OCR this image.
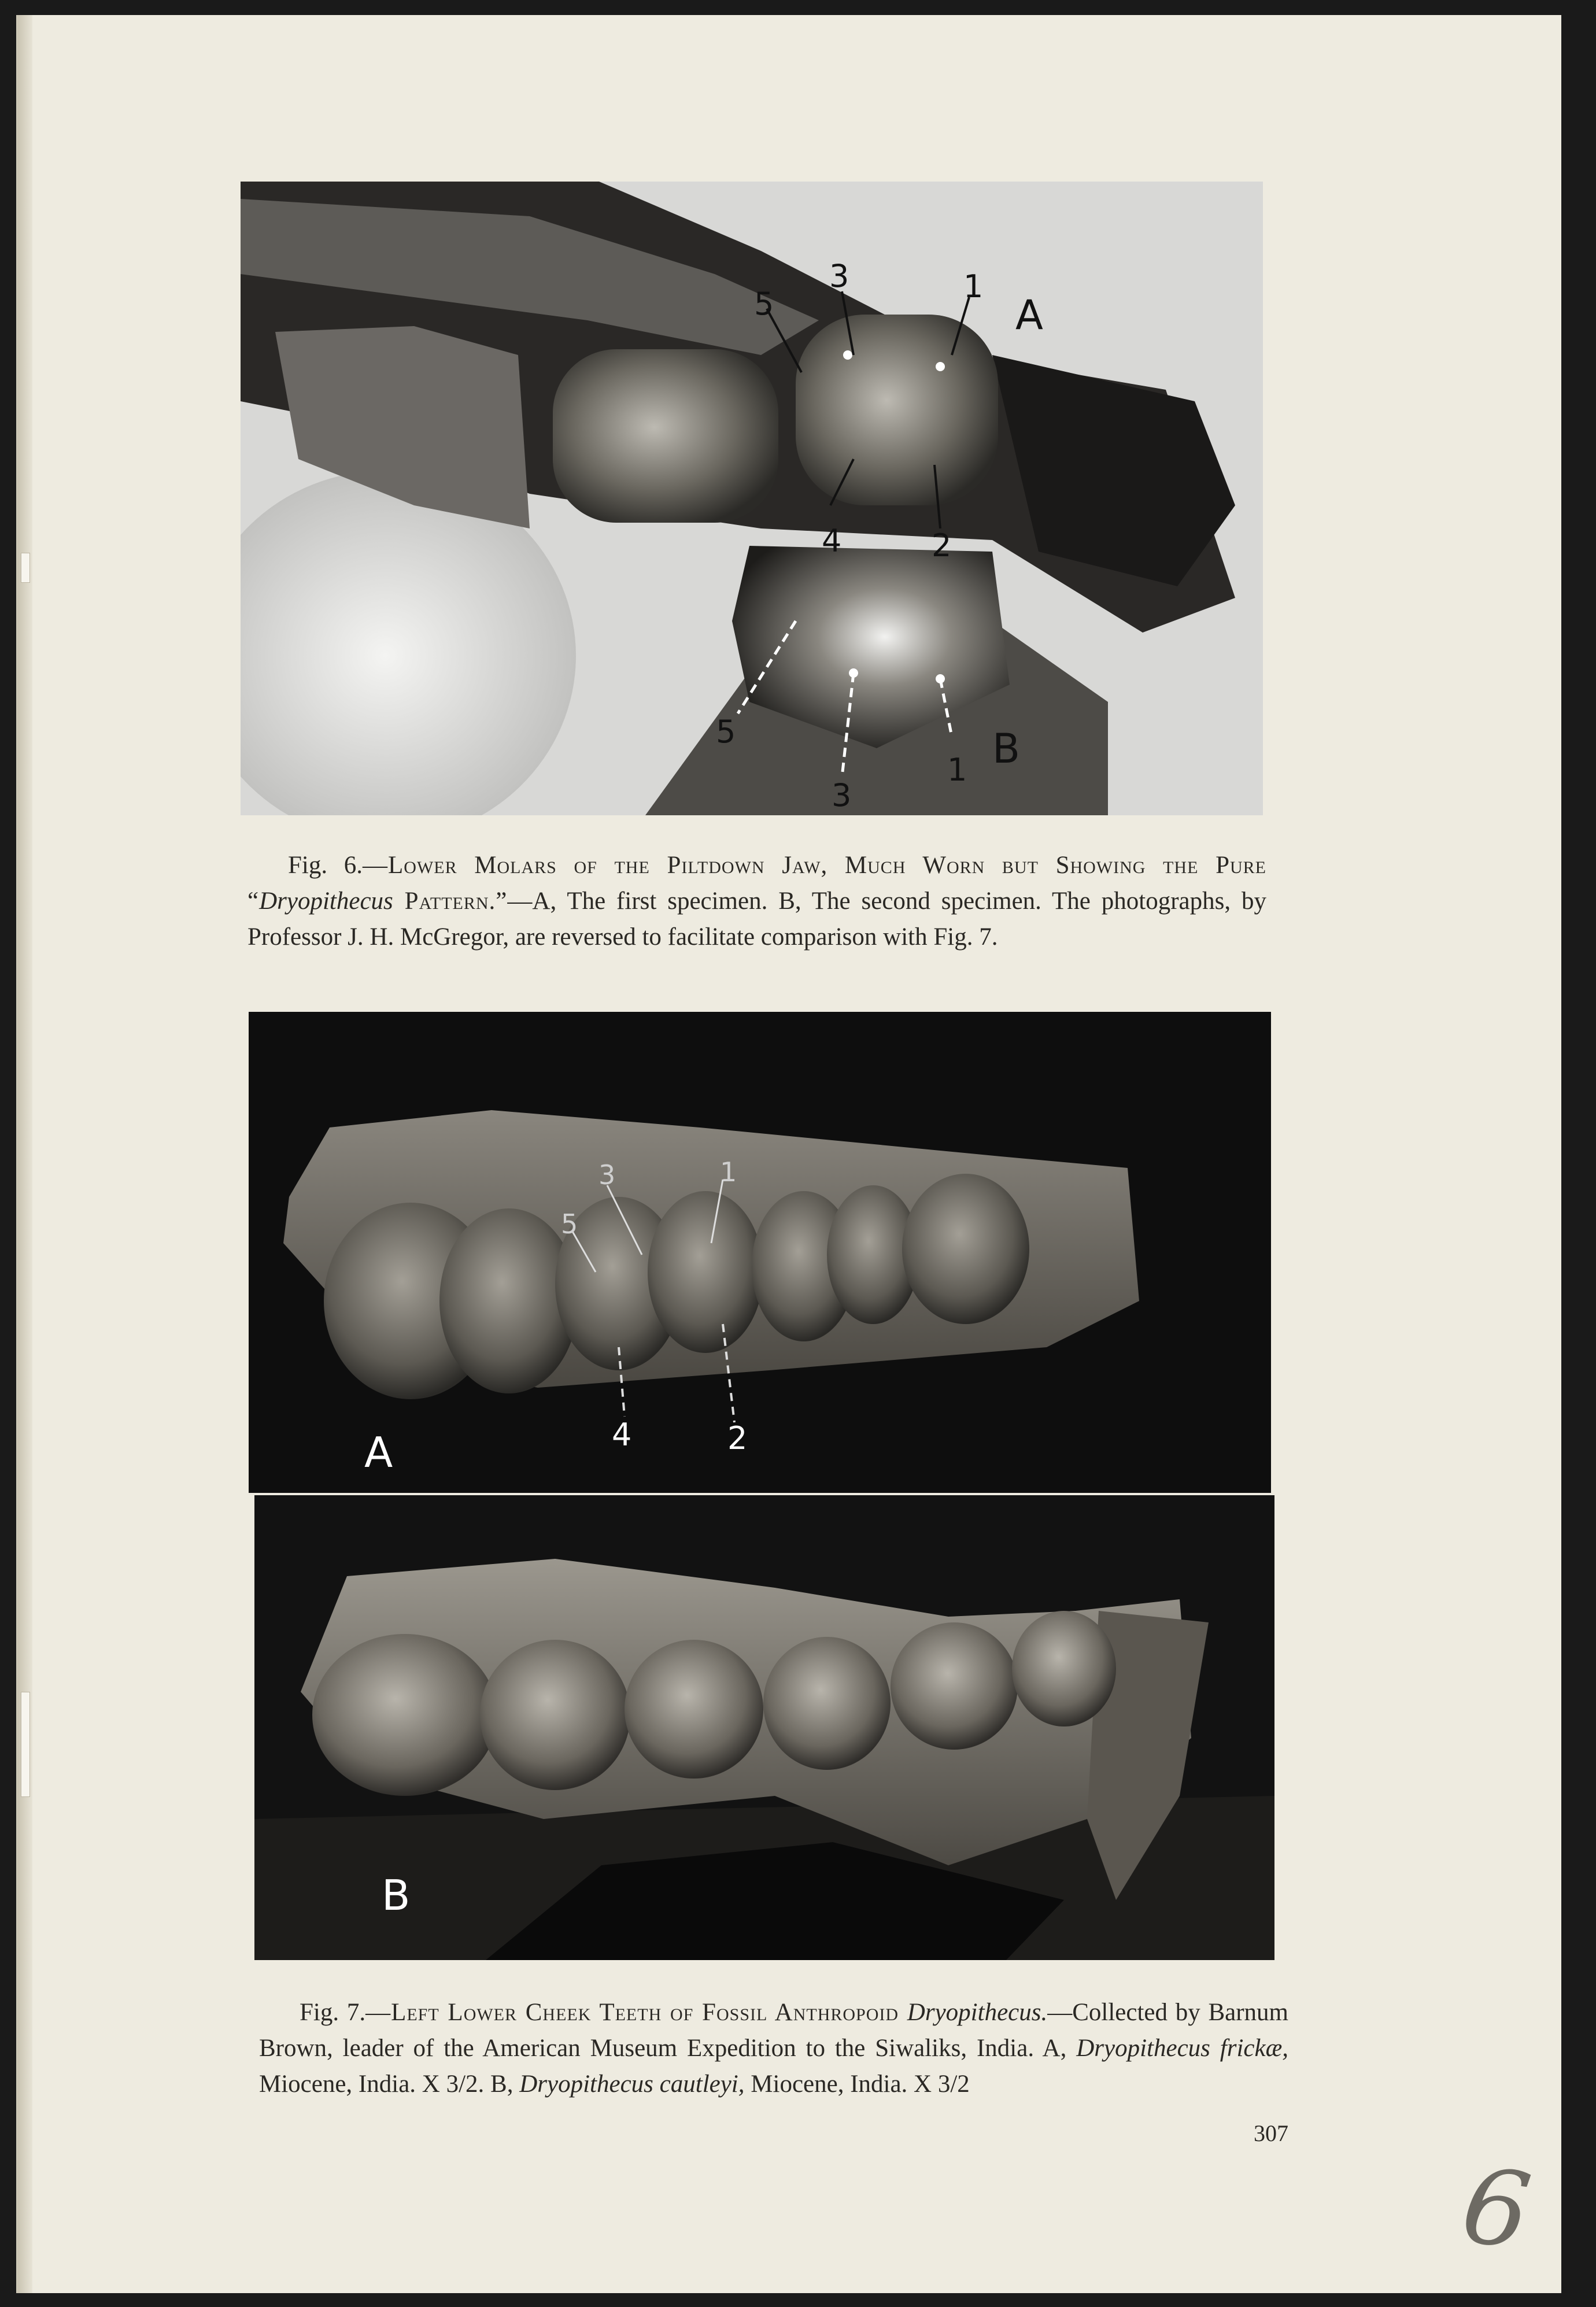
A
B
3	1
5
4	2
5
3
1
Fig. 6.—Lower Molars of the Piltdown Jaw, Much Worn but Showing the Pure “Dryopithecus Pattern.”—A, The first specimen. B, The second specimen. The photographs, by Professor J. H. McGregor, are reversed to facilitate comparison with Fig. 7.
A
3	1
5
4	2
B
Fig. 7.—Left Lower Cheek Teeth of Fossil Anthropoid Dryopithecus.—Collected by Barnum Brown, leader of the American Museum Expedition to the Siwaliks, India. A, Dryopithecus frickæ, Miocene, India. X 3/2. B, Dryopithecus cautleyi, Miocene, India. X 3/2
307
6
